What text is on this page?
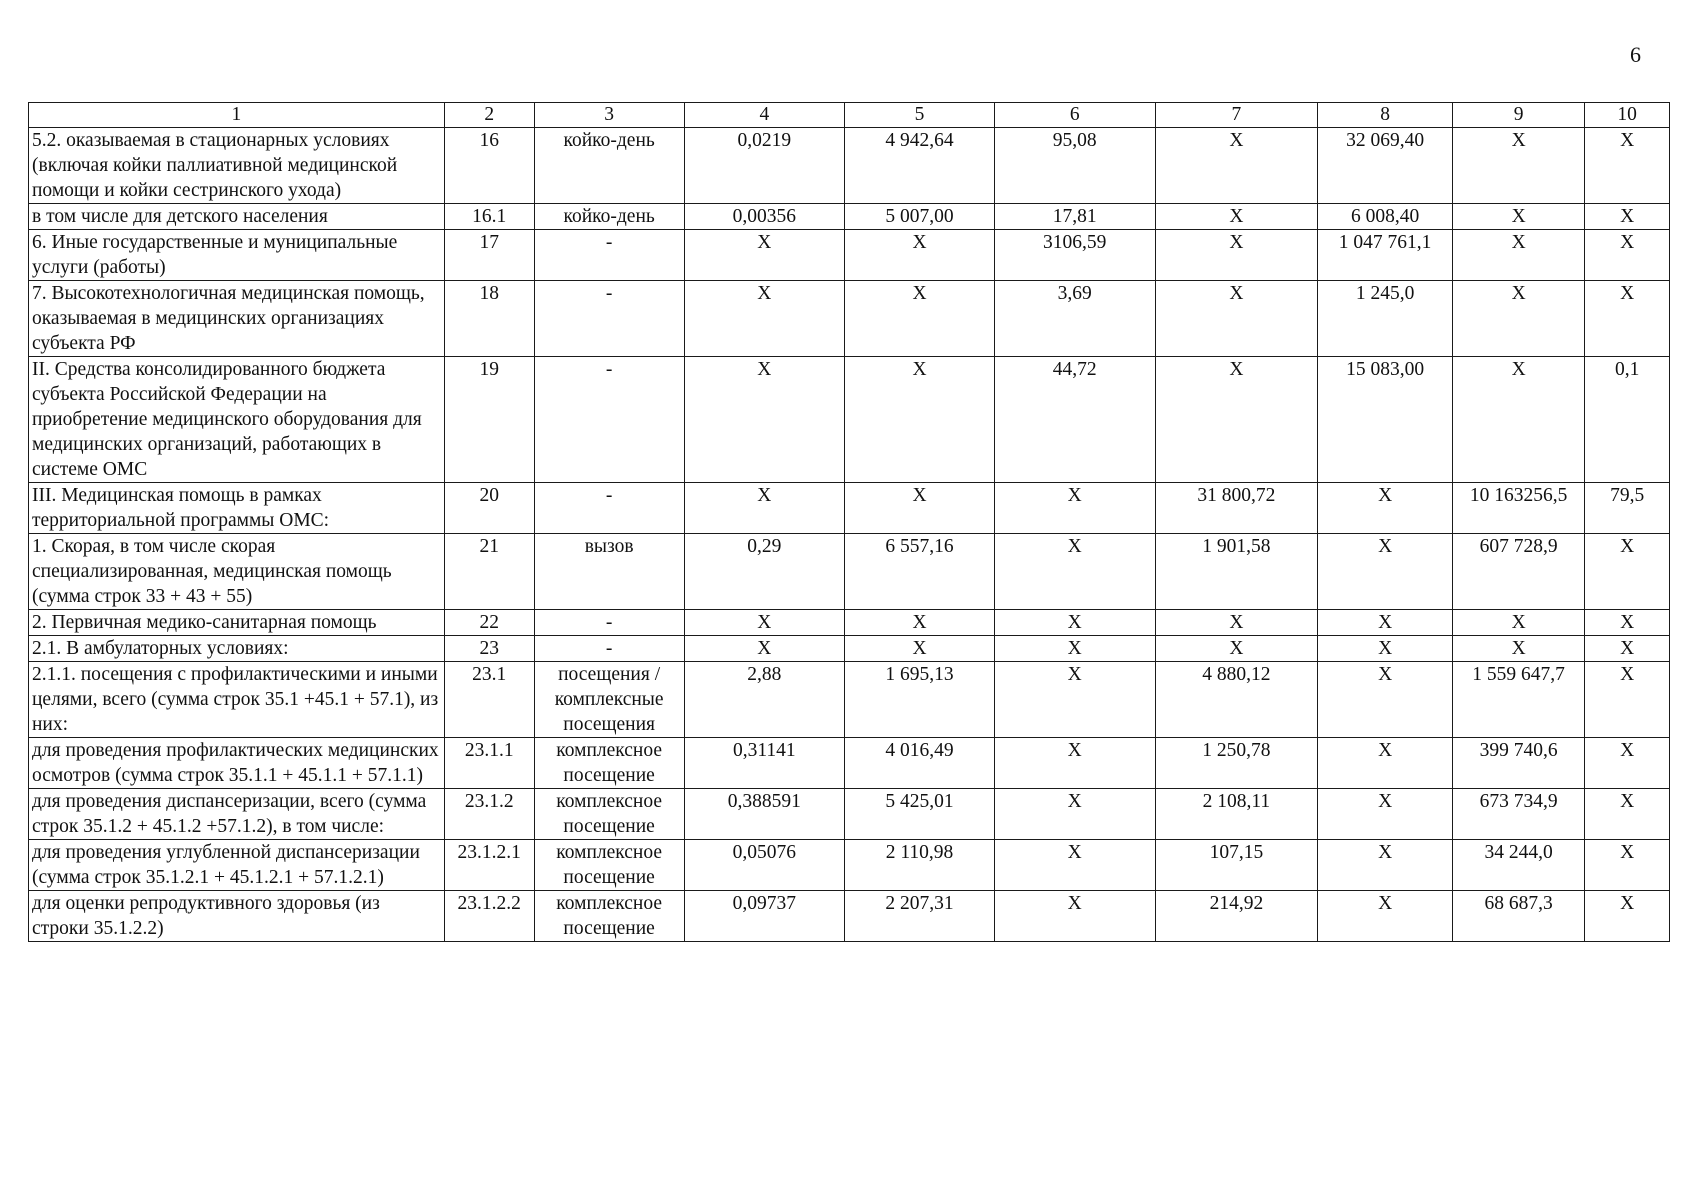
6
1	2	3	4	5	6	7	8	9	10
5.2. оказываемая в стационарных условиях (включая койки паллиативной медицинской помощи и койки сестринского ухода)	16	койко-день	0,0219	4 942,64	95,08	Х	32 069,40	Х	Х
в том числе для детского населения	16.1	койко-день	0,00356	5 007,00	17,81	Х	6 008,40	Х	Х
6. Иные государственные и муниципальные услуги (работы)	17	-	Х	Х	3106,59	Х	1 047 761,1	Х	Х
7. Высокотехнологичная медицинская помощь, оказываемая в медицинских организациях субъекта РФ	18	-	Х	Х	3,69	Х	1 245,0	Х	Х
II. Средства консолидированного бюджета субъекта Российской Федерации на приобретение медицинского оборудования для медицинских организаций, работающих в системе ОМС	19	-	Х	Х	44,72	Х	15 083,00	Х	0,1
III. Медицинская помощь в рамках территориальной программы ОМС:	20	-	Х	Х	Х	31 800,72	Х	10 163256,5	79,5
1. Скорая, в том числе скорая специализированная, медицинская помощь (сумма строк 33 + 43 + 55)	21	вызов	0,29	6 557,16	Х	1 901,58	Х	607 728,9	Х
2. Первичная медико-санитарная помощь	22	-	Х	Х	Х	Х	Х	Х	Х
2.1. В амбулаторных условиях:	23	-	Х	Х	Х	Х	Х	Х	Х
2.1.1. посещения с профилактическими и иными целями, всего (сумма строк 35.1 +45.1 + 57.1), из них:	23.1	посещения / комплексные посещения	2,88	1 695,13	Х	4 880,12	Х	1 559 647,7	Х
для проведения профилактических медицинских осмотров (сумма строк 35.1.1 + 45.1.1 + 57.1.1)	23.1.1	комплексное посещение	0,31141	4 016,49	Х	1 250,78	Х	399 740,6	Х
для проведения диспансеризации, всего (сумма строк 35.1.2 + 45.1.2 +57.1.2), в том числе:	23.1.2	комплексное посещение	0,388591	5 425,01	Х	2 108,11	Х	673 734,9	Х
для проведения углубленной диспансеризации (сумма строк 35.1.2.1 + 45.1.2.1 + 57.1.2.1)	23.1.2.1	комплексное посещение	0,05076	2 110,98	Х	107,15	Х	34 244,0	Х
для оценки репродуктивного здоровья (из строки 35.1.2.2)	23.1.2.2	комплексное посещение	0,09737	2 207,31	Х	214,92	Х	68 687,3	Х
